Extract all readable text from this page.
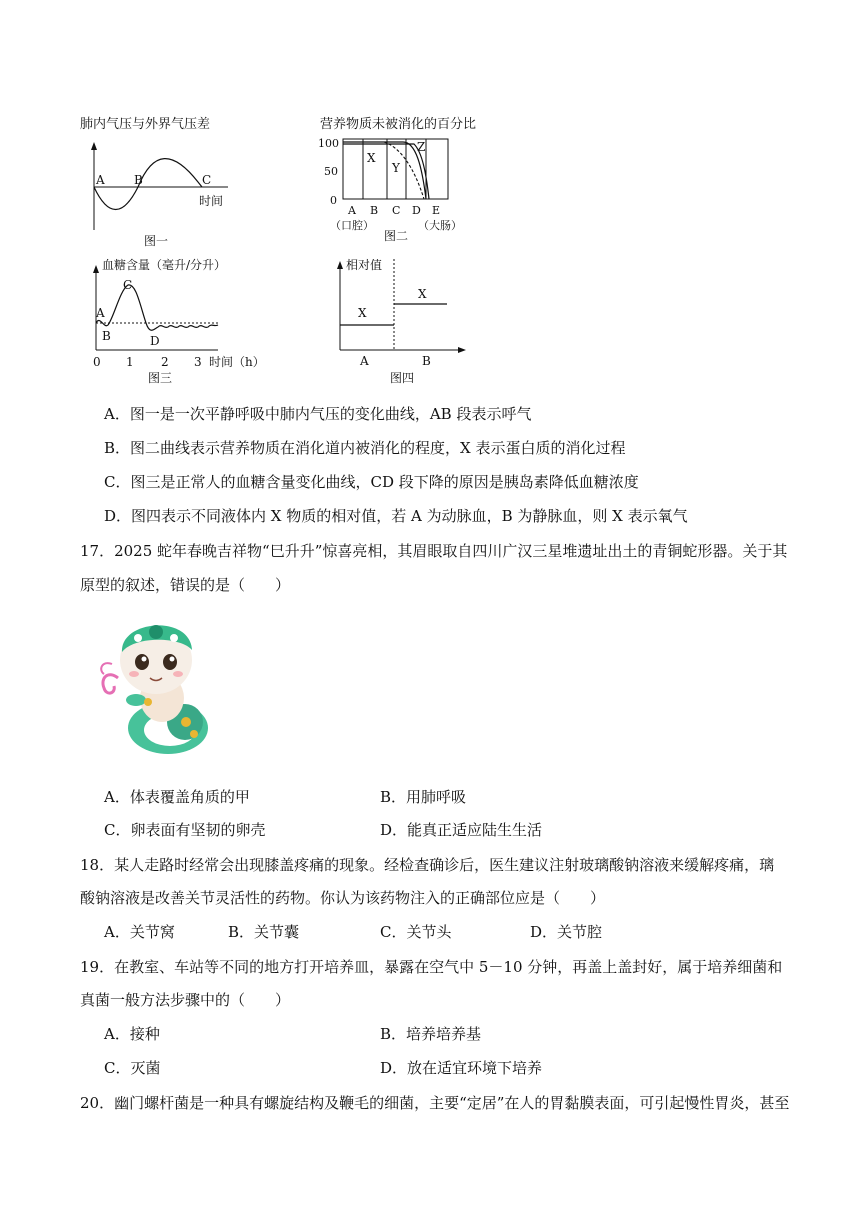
肺内气压与外界气压差
A B	C
时间
图一
营养物质未被消化的百分比
100
50
0
X
Y
Z
A B C D E
（口腔）
图二
（大肠）
血糖含量（毫升/分升）
A
B
C
D
0 1 2 3 时间（h）
图三
相对值
X
X
A	B
图四
A．图一是一次平静呼吸中肺内气压的变化曲线，AB 段表示呼气
B．图二曲线表示营养物质在消化道内被消化的程度，X 表示蛋白质的消化过程
C．图三是正常人的血糖含量变化曲线，CD 段下降的原因是胰岛素降低血糖浓度
D．图四表示不同液体内 X 物质的相对值，若 A 为动脉血，B 为静脉血，则 X 表示氧气
17．2025 蛇年春晚吉祥物“巳升升”惊喜亮相，其眉眼取自四川广汉三星堆遗址出土的青铜蛇形器。关于其
原型的叙述，错误的是（　　）
A．体表覆盖角质的甲	B．用肺呼吸
C．卵表面有坚韧的卵壳	D．能真正适应陆生生活
18．某人走路时经常会出现膝盖疼痛的现象。经检查确诊后，医生建议注射玻璃酸钠溶液来缓解疼痛，璃
酸钠溶液是改善关节灵活性的药物。你认为该药物注入的正确部位应是（　　）
A．关节窝	B．关节囊	C．关节头	D．关节腔
19．在教室、车站等不同的地方打开培养皿，暴露在空气中 5－10 分钟，再盖上盖封好，属于培养细菌和
真菌一般方法步骤中的（　　）
A．接种	B．培养培养基
C．灭菌	D．放在适宜环境下培养
20．幽门螺杆菌是一种具有螺旋结构及鞭毛的细菌，主要“定居”在人的胃黏膜表面，可引起慢性胃炎，甚至
